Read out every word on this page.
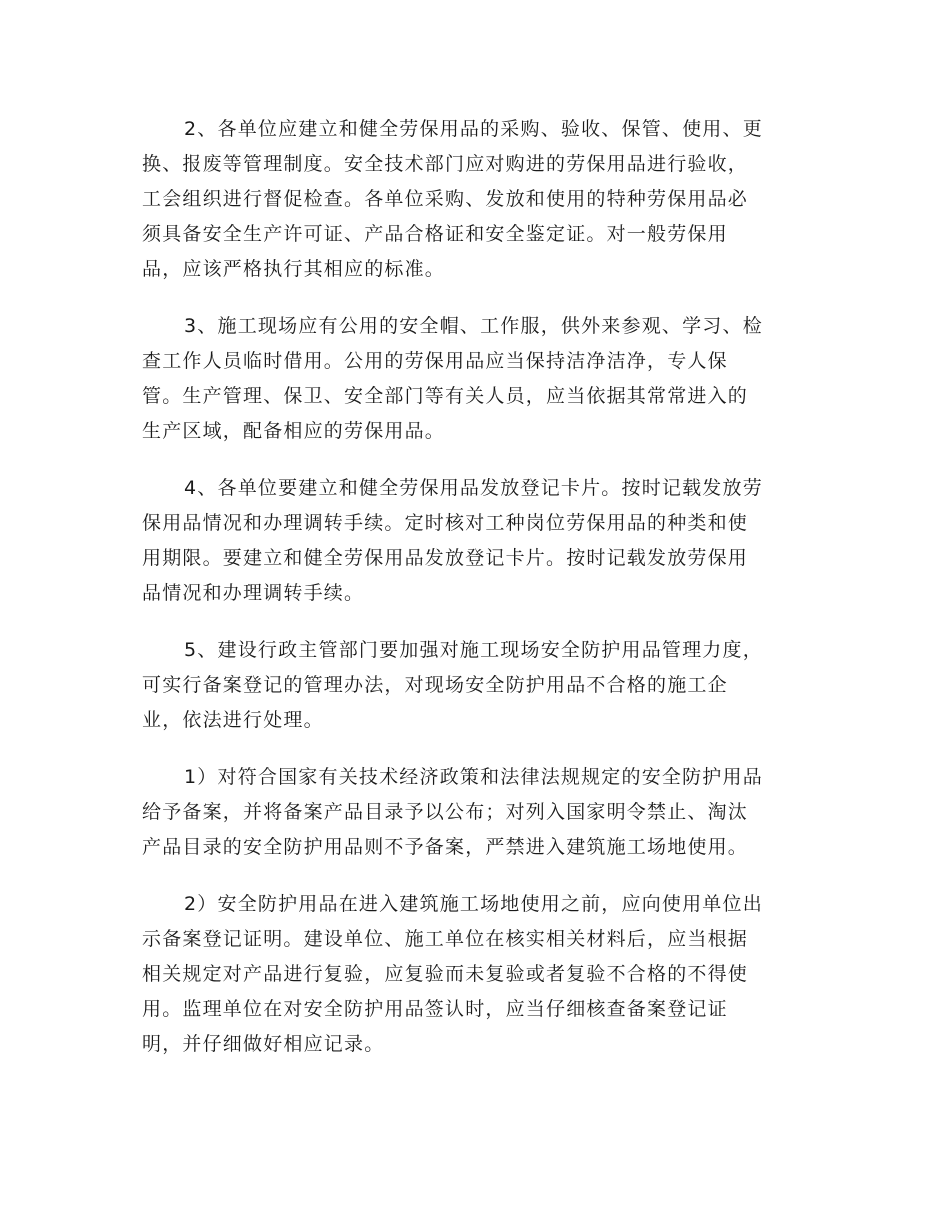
2、各单位应建立和健全劳保用品的采购、验收、保管、使用、更
换、报废等管理制度。安全技术部门应对购进的劳保用品进行验收，
工会组织进行督促检查。各单位采购、发放和使用的特种劳保用品必
须具备安全生产许可证、产品合格证和安全鉴定证。对一般劳保用
品，应该严格执行其相应的标准。

3、施工现场应有公用的安全帽、工作服，供外来参观、学习、检
查工作人员临时借用。公用的劳保用品应当保持洁净洁净，专人保
管。生产管理、保卫、安全部门等有关人员，应当依据其常常进入的
生产区域，配备相应的劳保用品。

4、各单位要建立和健全劳保用品发放登记卡片。按时记载发放劳
保用品情况和办理调转手续。定时核对工种岗位劳保用品的种类和使
用期限。要建立和健全劳保用品发放登记卡片。按时记载发放劳保用
品情况和办理调转手续。

5、建设行政主管部门要加强对施工现场安全防护用品管理力度，
可实行备案登记的管理办法，对现场安全防护用品不合格的施工企
业，依法进行处理。

1）对符合国家有关技术经济政策和法律法规规定的安全防护用品
给予备案，并将备案产品目录予以公布；对列入国家明令禁止、淘汰
产品目录的安全防护用品则不予备案，严禁进入建筑施工场地使用。

2）安全防护用品在进入建筑施工场地使用之前，应向使用单位出
示备案登记证明。建设单位、施工单位在核实相关材料后，应当根据
相关规定对产品进行复验，应复验而未复验或者复验不合格的不得使
用。监理单位在对安全防护用品签认时，应当仔细核查备案登记证
明，并仔细做好相应记录。
